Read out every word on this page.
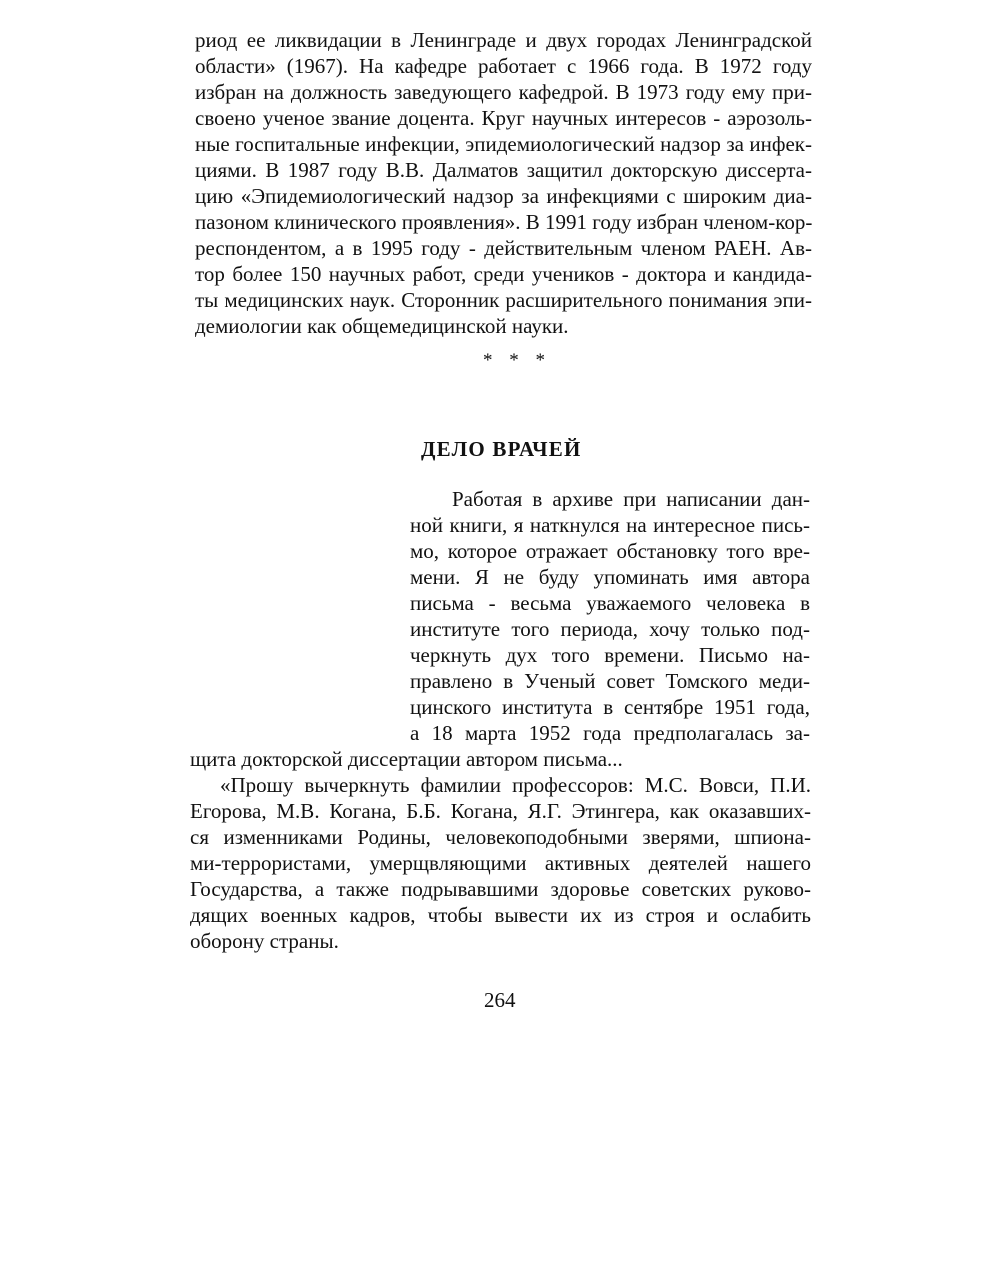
риод ее ликвидации в Ленинграде и двух городах Ленинградской
области» (1967). На кафедре работает с 1966 года. В 1972 году
избран на должность заведующего кафедрой. В 1973 году ему при-
своено ученое звание доцента. Круг научных интересов - аэрозоль-
ные госпитальные инфекции, эпидемиологический надзор за инфек-
циями. В 1987 году В.В. Далматов защитил докторскую диссерта-
цию «Эпидемиологический надзор за инфекциями с широким диа-
пазоном клинического проявления». В 1991 году избран членом-кор-
респондентом, а в 1995 году - действительным членом РАЕН. Ав-
тор более 150 научных работ, среди учеников - доктора и кандида-
ты медицинских наук. Сторонник расширительного понимания эпи-
демиологии как общемедицинской науки.
* * *
ДЕЛО ВРАЧЕЙ
Работая в архиве при написании дан-
ной книги, я наткнулся на интересное пись-
мо, которое отражает обстановку того вре-
мени. Я не буду упоминать имя автора
письма - весьма уважаемого человека в
институте того периода, хочу только под-
черкнуть дух того времени. Письмо на-
правлено в Ученый совет Томского меди-
цинского института в сентябре 1951 года,
а 18 марта 1952 года предполагалась за-
щита докторской диссертации автором письма...
«Прошу вычеркнуть фамилии профессоров: М.С. Вовси, П.И.
Егорова, М.В. Когана, Б.Б. Когана, Я.Г. Этингера, как оказавших-
ся изменниками Родины, человекоподобными зверями, шпиона-
ми-террористами, умерщвляющими активных деятелей нашего
Государства, а также подрывавшими здоровье советских руково-
дящих военных кадров, чтобы вывести их из строя и ослабить
оборону страны.
264
